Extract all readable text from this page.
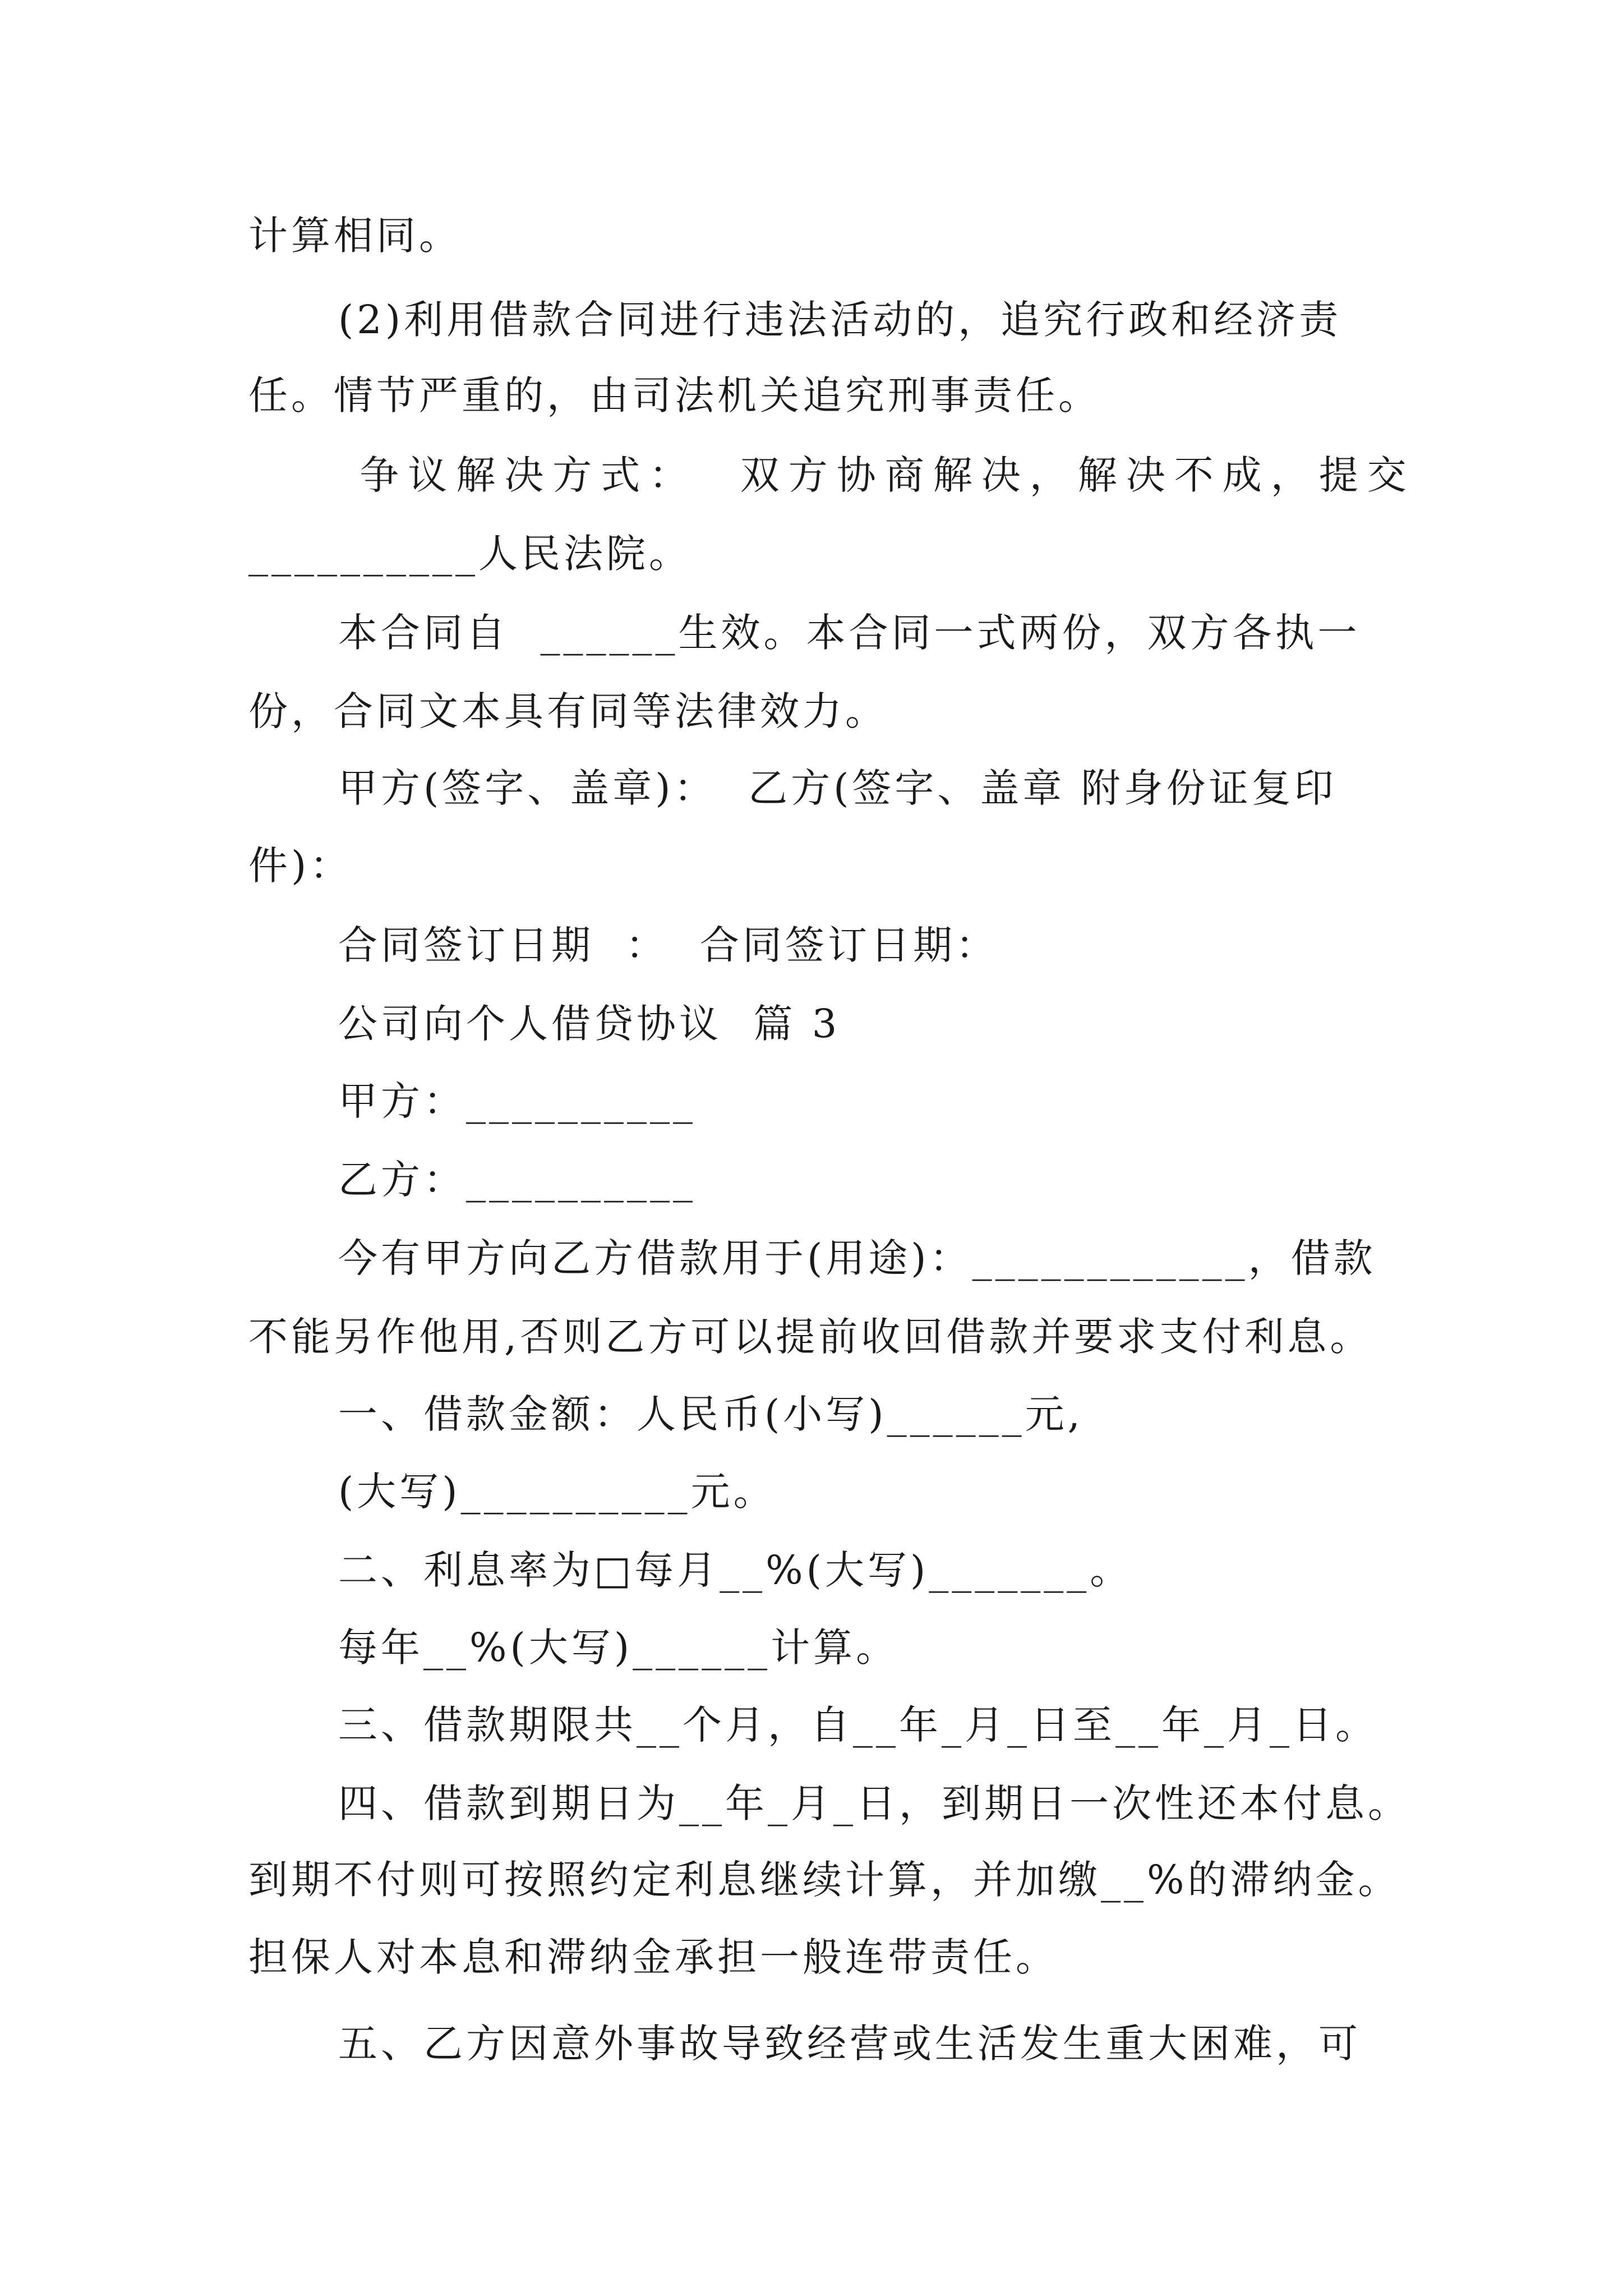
计算相同。
(2)利用借款合同进行违法活动的，追究行政和经济责
任。情节严重的，由司法机关追究刑事责任。
争议解决方式：  双方协商解决，解决不成，提交
__________人民法院。
本合同自  ______生效。本合同一式两份，双方各执一
份，合同文本具有同等法律效力。
甲方(签字、盖章)：  乙方(签字、盖章 附身份证复印
件)：
合同签订日期  ：  合同签订日期：
公司向个人借贷协议  篇 3
甲方：__________
乙方：__________
今有甲方向乙方借款用于(用途)：____________，借款
不能另作他用,否则乙方可以提前收回借款并要求支付利息。
一、借款金额：人民币(小写)______元,
(大写)__________元。
二、利息率为□每月__%(大写)_______。
每年__%(大写)______计算。
三、借款期限共__个月，自__年_月_日至__年_月_日。
四、借款到期日为__年_月_日，到期日一次性还本付息。
到期不付则可按照约定利息继续计算，并加缴__%的滞纳金。
担保人对本息和滞纳金承担一般连带责任。
五、乙方因意外事故导致经营或生活发生重大困难，可
